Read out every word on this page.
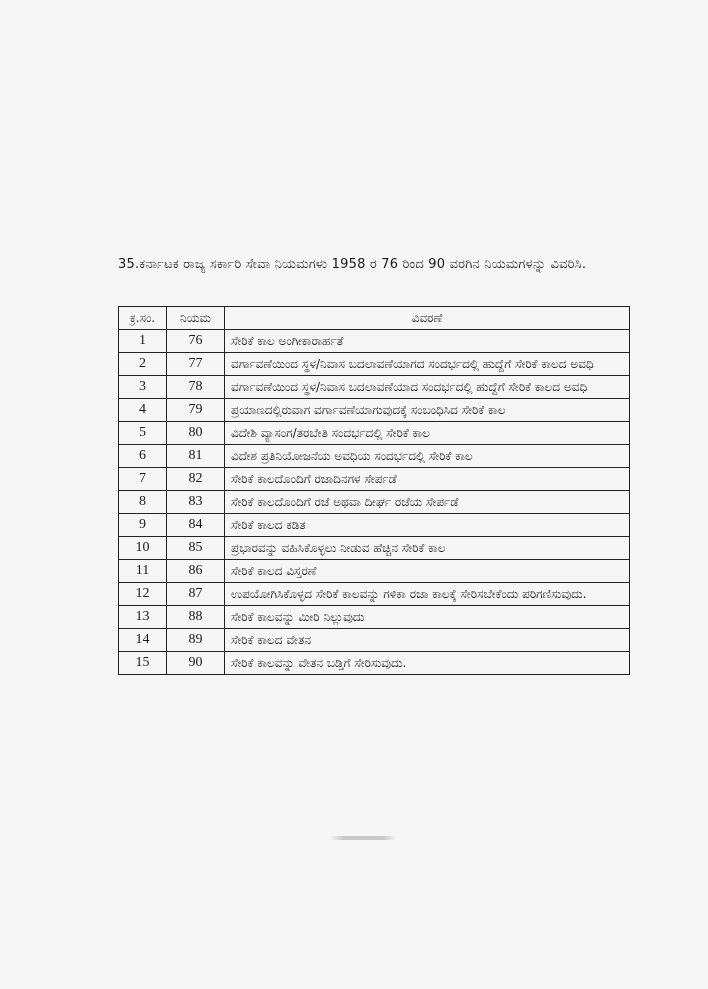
35.ಕರ್ನಾಟಕ ರಾಜ್ಯ ಸರ್ಕಾರಿ ಸೇವಾ ನಿಯಮಗಳು 1958 ರ 76 ರಿಂದ 90 ವರಗಿನ ನಿಯಮಗಳನ್ನು ವಿವರಿಸಿ.
ಕ್ರ.ಸಂ.	ನಿಯಮ	ವಿವರಣೆ
1	76	ಸೇರಿಕೆ ಕಾಲ ಅಂಗೀಕಾರಾರ್ಹತೆ
2	77	ವರ್ಗಾವಣೆಯಿಂದ ಸ್ಥಳ/ನಿವಾಸ ಬದಲಾವಣೆಯಾಗದ ಸಂದರ್ಭದಲ್ಲಿ ಹುದ್ದೆಗೆ ಸೇರಿಕೆ ಕಾಲದ ಅವಧಿ
3	78	ವರ್ಗಾವಣೆಯಿಂದ ಸ್ಥಳ/ನಿವಾಸ ಬದಲಾವಣೆಯಾದ ಸಂದರ್ಭದಲ್ಲಿ ಹುದ್ದೆಗೆ ಸೇರಿಕೆ ಕಾಲದ ಅವಧಿ
4	79	ಪ್ರಯಾಣದಲ್ಲಿರುವಾಗ ವರ್ಗಾವಣೆಯಾಗುವುದಕ್ಕೆ ಸಂಬಂಧಿಸಿದ ಸೇರಿಕೆ ಕಾಲ
5	80	ವಿದೇಶಿ ವ್ಯಾಸಂಗ/ತರಬೇತಿ ಸಂದರ್ಭದಲ್ಲಿ ಸೇರಿಕೆ ಕಾಲ
6	81	ವಿದೇಶ ಪ್ರತಿನಿಯೋಜನೆಯ ಅವಧಿಯ ಸಂದರ್ಭದಲ್ಲಿ ಸೇರಿಕೆ ಕಾಲ
7	82	ಸೇರಿಕೆ ಕಾಲದೊಂದಿಗೆ ರಜಾದಿನಗಳ ಸೇರ್ಪಡೆ
8	83	ಸೇರಿಕೆ ಕಾಲದೊಂದಿಗೆ ರಜೆ ಅಥವಾ ದೀರ್ಘ ರಜೆಯ ಸೇರ್ಪಡೆ
9	84	ಸೇರಿಕೆ ಕಾಲದ ಕಡಿತ
10	85	ಪ್ರಭಾರವನ್ನು ವಹಿಸಿಕೊಳ್ಳಲು ನೀಡುವ ಹೆಚ್ಚಿನ ಸೇರಿಕೆ ಕಾಲ
11	86	ಸೇರಿಕೆ ಕಾಲದ ವಿಸ್ತರಣೆ
12	87	ಉಪಯೋಗಿಸಿಕೊಳ್ಳದ ಸೇರಿಕೆ ಕಾಲವನ್ನು ಗಳಿಕಾ ರಜಾ ಕಾಲಕ್ಕೆ ಸೇರಿಸಬೇಕೆಂದು ಪರಿಗಣಿಸುವುದು.
13	88	ಸೇರಿಕೆ ಕಾಲವನ್ನು ಮೀರಿ ನಿಲ್ಲುವುದು
14	89	ಸೇರಿಕೆ ಕಾಲದ ವೇತನ
15	90	ಸೇರಿಕೆ ಕಾಲವನ್ನು ವೇತನ ಬಡ್ತಿಗೆ ಸೇರಿಸುವುದು.
